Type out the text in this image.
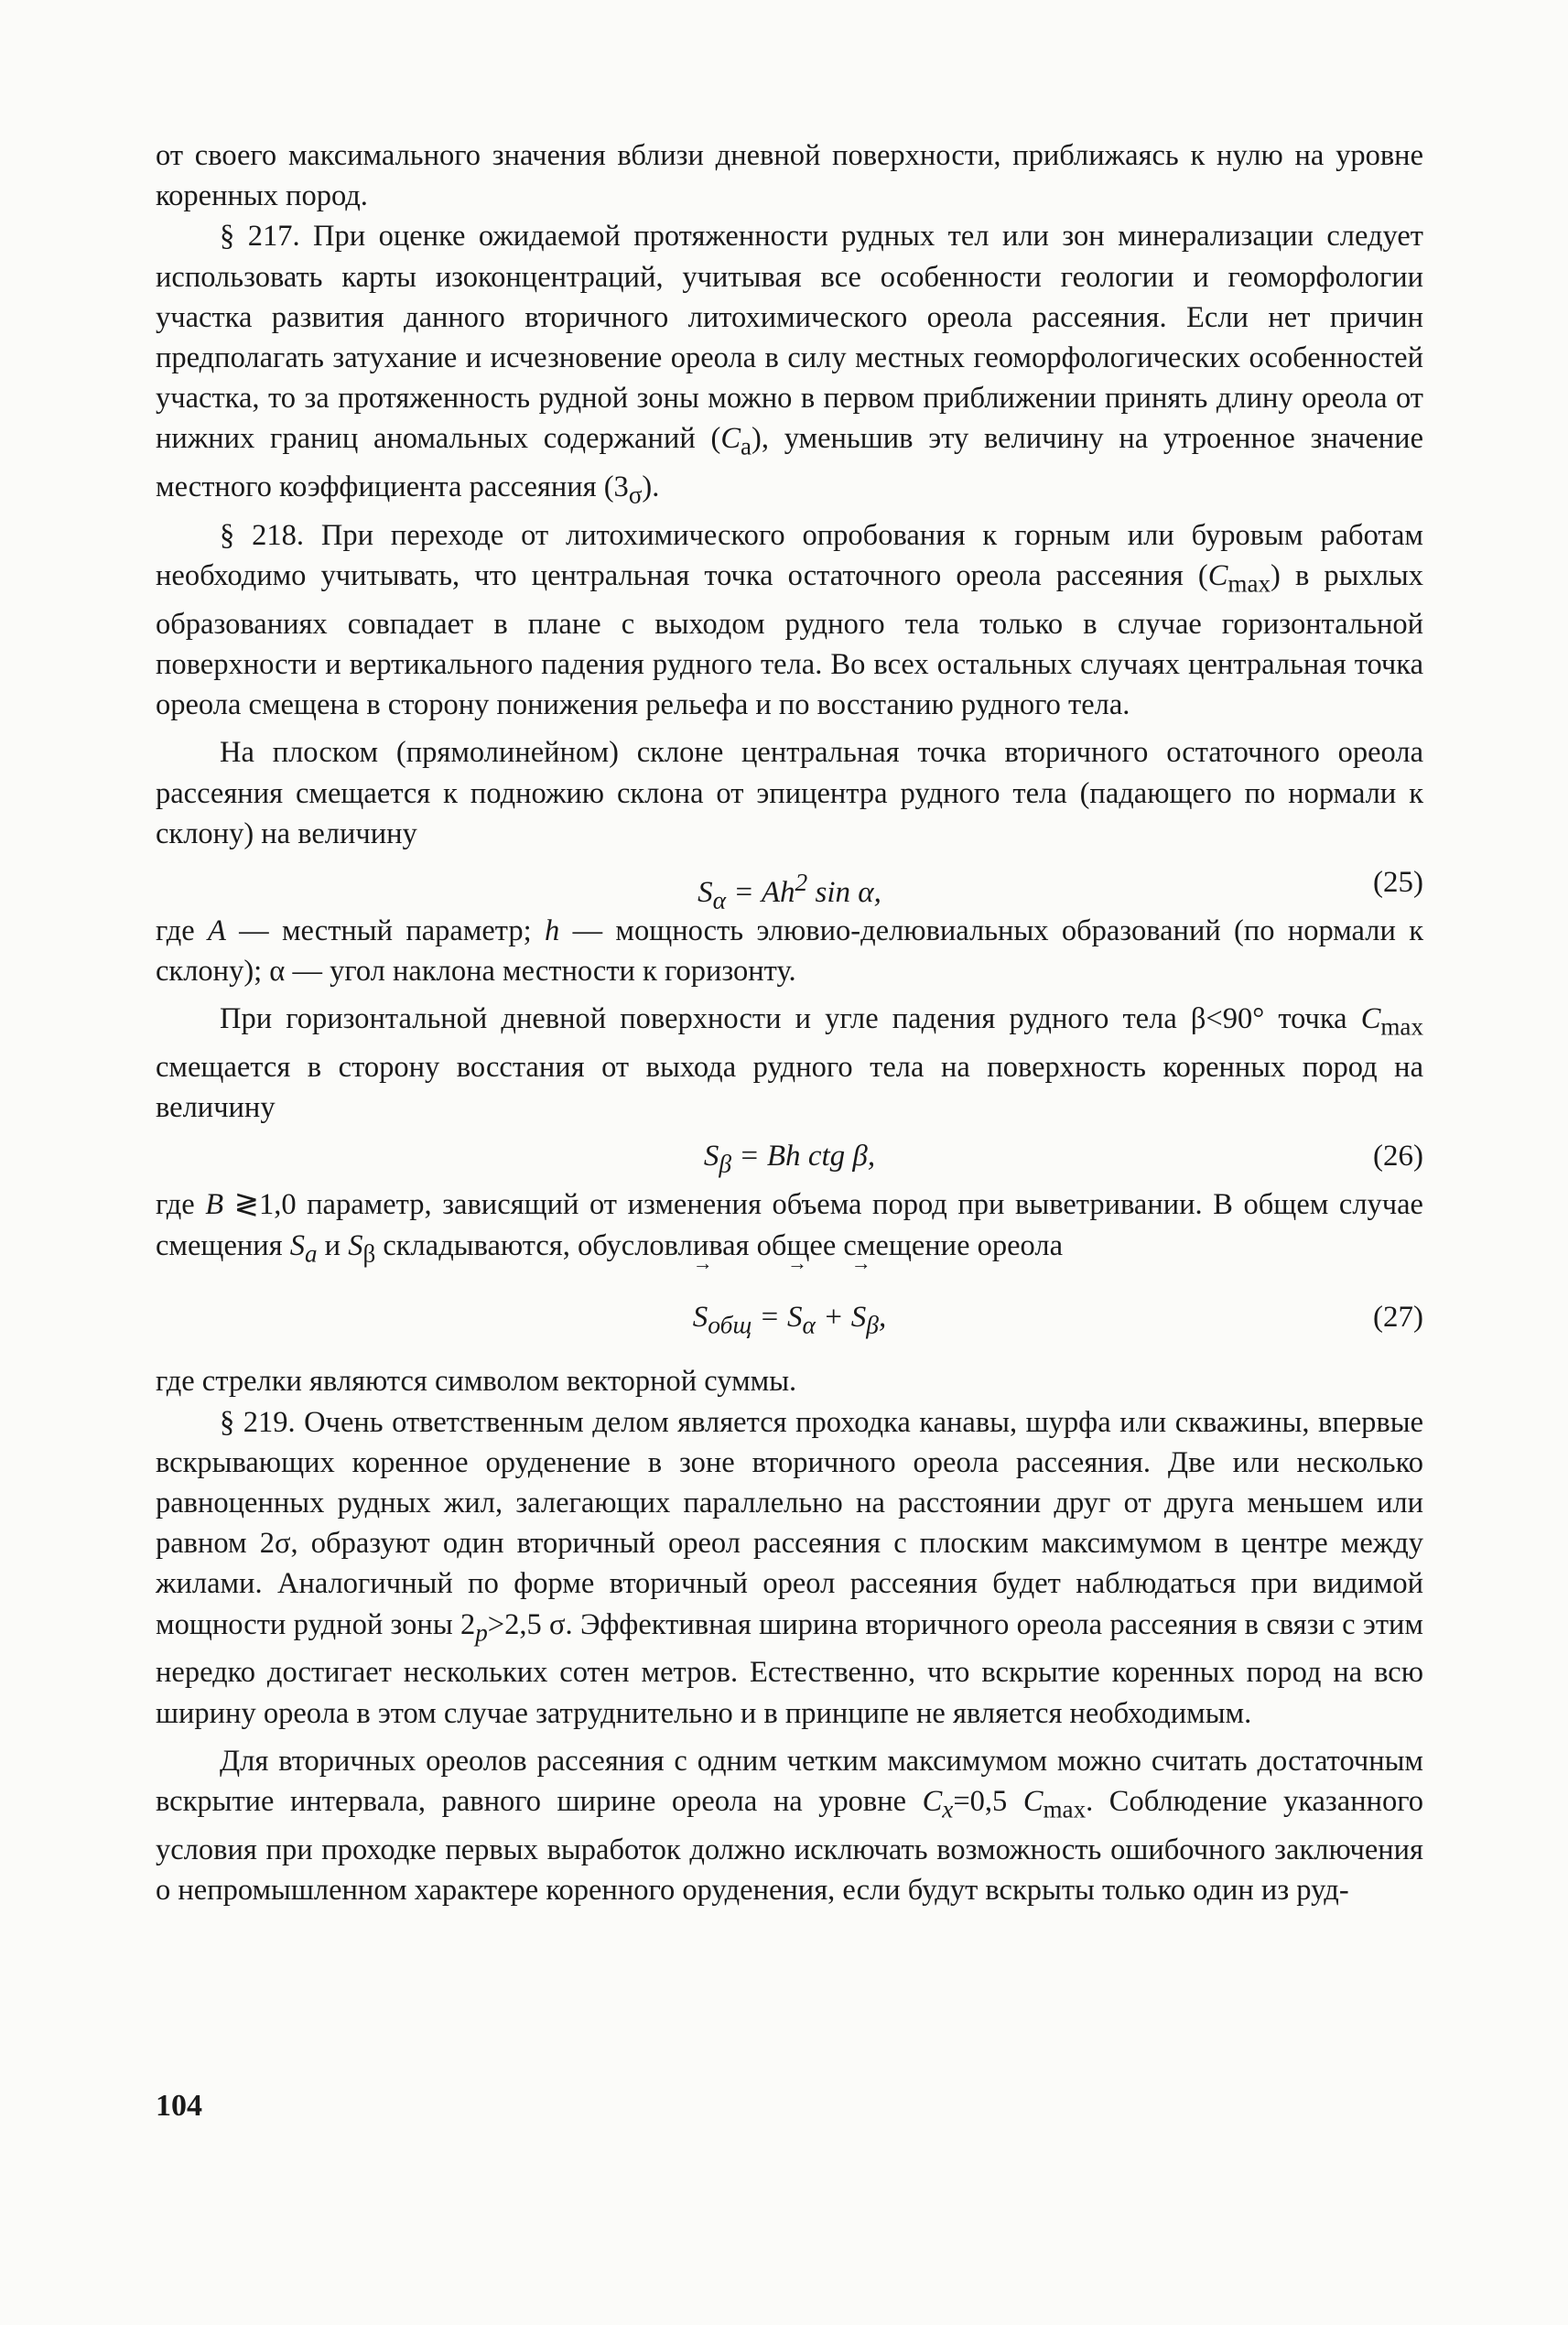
от своего максимального значения вблизи дневной поверхности, приближаясь к нулю на уровне коренных пород.

§ 217. При оценке ожидаемой протяженности рудных тел или зон минерализации следует использовать карты изоконцентраций, учитывая все особенности геологии и геоморфологии участка развития данного вторичного литохимического ореола рассеяния. Если нет причин предполагать затухание и исчезновение ореола в силу местных геоморфологических особенностей участка, то за протяженность рудной зоны можно в первом приближении принять длину ореола от нижних границ аномальных содержаний $(C_а)$, уменьшив эту величину на утроенное значение местного коэффициента рассеяния $(3_\sigma)$.

§ 218. При переходе от литохимического опробования к горным или буровым работам необходимо учитывать, что центральная точка остаточного ореола рассеяния $(C_{max})$ в рыхлых образованиях совпадает в плане с выходом рудного тела только в случае горизонтальной поверхности и вертикального падения рудного тела. Во всех остальных случаях центральная точка ореола смещена в сторону понижения рельефа и по восстанию рудного тела.

На плоском (прямолинейном) склоне центральная точка вторичного остаточного ореола рассеяния смещается к подножию склона от эпицентра рудного тела (падающего по нормали к склону) на величину

$S_\alpha = Ah^2$ sin α,	(25)

где A — местный параметр; h — мощность элювио-делювиальных образований (по нормали к склону); α — угол наклона местности к горизонту.

При горизонтальной дневной поверхности и угле падения рудного тела β<90° точка $C_{max}$ смещается в сторону восстания от выхода рудного тела на поверхность коренных пород на величину

$S_\beta = Bh$ ctg β,	(26)

где B ≷1,0 параметр, зависящий от изменения объема пород при выветривании. В общем случае смещения $S_a$ и $S_\beta$ складываются, обусловливая общее смещение ореола

→ $S_{общ}$ = → $S_\alpha$ + → $S_\beta$,	(27)

где стрелки являются символом векторной суммы.

§ 219. Очень ответственным делом является проходка канавы, шурфа или скважины, впервые вскрывающих коренное оруденение в зоне вторичного ореола рассеяния. Две или несколько равноценных рудных жил, залегающих параллельно на расстоянии друг от друга меньшем или равном 2σ, образуют один вторичный ореол рассеяния с плоским максимумом в центре между жилами. Аналогичный по форме вторичный ореол рассеяния будет наблюдаться при видимой мощности рудной зоны $2_p>2,5$ σ. Эффективная ширина вторичного ореола рассеяния в связи с этим нередко достигает нескольких сотен метров. Естественно, что вскрытие коренных пород на всю ширину ореола в этом случае затруднительно и в принципе не является необходимым.

Для вторичных ореолов рассеяния с одним четким максимумом можно считать достаточным вскрытие интервала, равного ширине ореола на уровне $C_x=0,5$ $C_{max}$. Соблюдение указанного условия при проходке первых выработок должно исключать возможность ошибочного заключения о непромышленном характере коренного оруденения, если будут вскрыты только один из руд-

104
